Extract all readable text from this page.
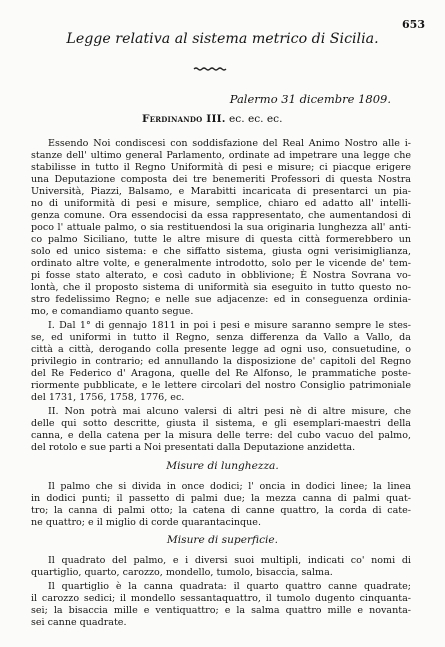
653
Legge relativa al sistema metrico di Sicilia.
Palermo 31 dicembre 1809.
Ferdinando III. ec. ec. ec.
Essendo Noi condiscesi con soddisfazione del Real Animo Nostro alle i-
stanze dell' ultimo general Parlamento, ordinate ad impetrare una legge che
stabilisse in tutto il Regno Uniformità di pesi e misure; ci piacque erigere
una Deputazione composta dei tre benemeriti Professori di questa Nostra
Università, Piazzi, Balsamo, e Marabitti incaricata di presentarci un pia-
no di uniformità di pesi e misure, semplice, chiaro ed adatto all' intelli-
genza comune. Ora essendocisi da essa rappresentato, che aumentandosi di
poco l' attuale palmo, o sia restituendosi la sua originaria lunghezza all' anti-
co palmo Siciliano, tutte le altre misure di questa città formerebbero un
solo ed unico sistema: e che siffatto sistema, giusta ogni verisimiglianza,
ordinato altre volte, e generalmente introdotto, solo per le vicende de' tem-
pi fosse stato alterato, e così caduto in obblivione; È Nostra Sovrana vo-
lontà, che il proposto sistema di uniformità sia eseguito in tutto questo no-
stro fedelissimo Regno; e nelle sue adjacenze: ed in conseguenza ordinia-
mo, e comandiamo quanto segue.
I. Dal 1° di gennajo 1811 in poi i pesi e misure saranno sempre le stes-
se, ed uniformi in tutto il Regno, senza differenza da Vallo a Vallo, da
città a città, derogando colla presente legge ad ogni uso, consuetudine, o
privilegio in contrario; ed annullando la disposizione de' capitoli del Regno
del Re Federico d' Aragona, quelle del Re Alfonso, le prammatiche poste-
riormente pubblicate, e le lettere circolari del nostro Consiglio patrimoniale
del 1731, 1756, 1758, 1776, ec.
II. Non potrà mai alcuno valersi di altri pesi nè di altre misure, che
delle qui sotto descritte, giusta il sistema, e gli esemplari-maestri della
canna, e della catena per la misura delle terre: del cubo vacuo del palmo,
del rotolo e sue parti a Noi presentati dalla Deputazione anzidetta.
Misure di lunghezza.
Il palmo che si divida in once dodici; l' oncia in dodici linee; la linea
in dodici punti; il passetto di palmi due; la mezza canna di palmi quat-
tro; la canna di palmi otto; la catena di canne quattro, la corda di cate-
ne quattro; e il miglio di corde quarantacinque.
Misure di superficie.
Il quadrato del palmo, e i diversi suoi multipli, indicati co' nomi di
quartiglio, quarto, carozzo, mondello, tumolo, bisaccia, salma.
Il quartiglio è la canna quadrata: il quarto quattro canne quadrate;
il carozzo sedici; il mondello sessantaquattro, il tumolo dugento cinquanta-
sei; la bisaccia mille e ventiquattro; e la salma quattro mille e novanta-
sei canne quadrate.
